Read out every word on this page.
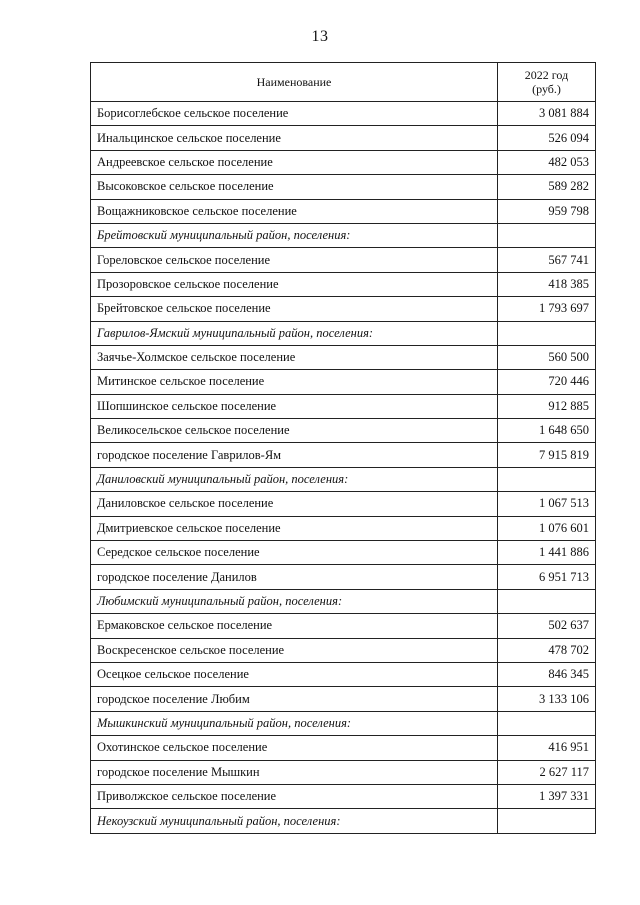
13
Наименование	2022 год
(руб.)
Борисоглебское сельское поселение	3 081 884
Инальцинское сельское поселение	526 094
Андреевское сельское поселение	482 053
Высоковское сельское поселение	589 282
Вощажниковское сельское поселение	959 798
Брейтовский муниципальный район, поселения:	
Гореловское сельское поселение	567 741
Прозоровское сельское поселение	418 385
Брейтовское сельское поселение	1 793 697
Гаврилов-Ямский муниципальный район, поселения:	
Заячье-Холмское сельское поселение	560 500
Митинское сельское поселение	720 446
Шопшинское сельское поселение	912 885
Великосельское сельское поселение	1 648 650
городское поселение Гаврилов-Ям	7 915 819
Даниловский муниципальный район, поселения:	
Даниловское сельское поселение	1 067 513
Дмитриевское сельское поселение	1 076 601
Середское сельское поселение	1 441 886
городское поселение Данилов	6 951 713
Любимский муниципальный район, поселения:	
Ермаковское сельское поселение	502 637
Воскресенское сельское поселение	478 702
Осецкое сельское поселение	846 345
городское поселение Любим	3 133 106
Мышкинский муниципальный район, поселения:	
Охотинское сельское поселение	416 951
городское поселение Мышкин	2 627 117
Приволжское сельское поселение	1 397 331
Некоузский муниципальный район, поселения:	
